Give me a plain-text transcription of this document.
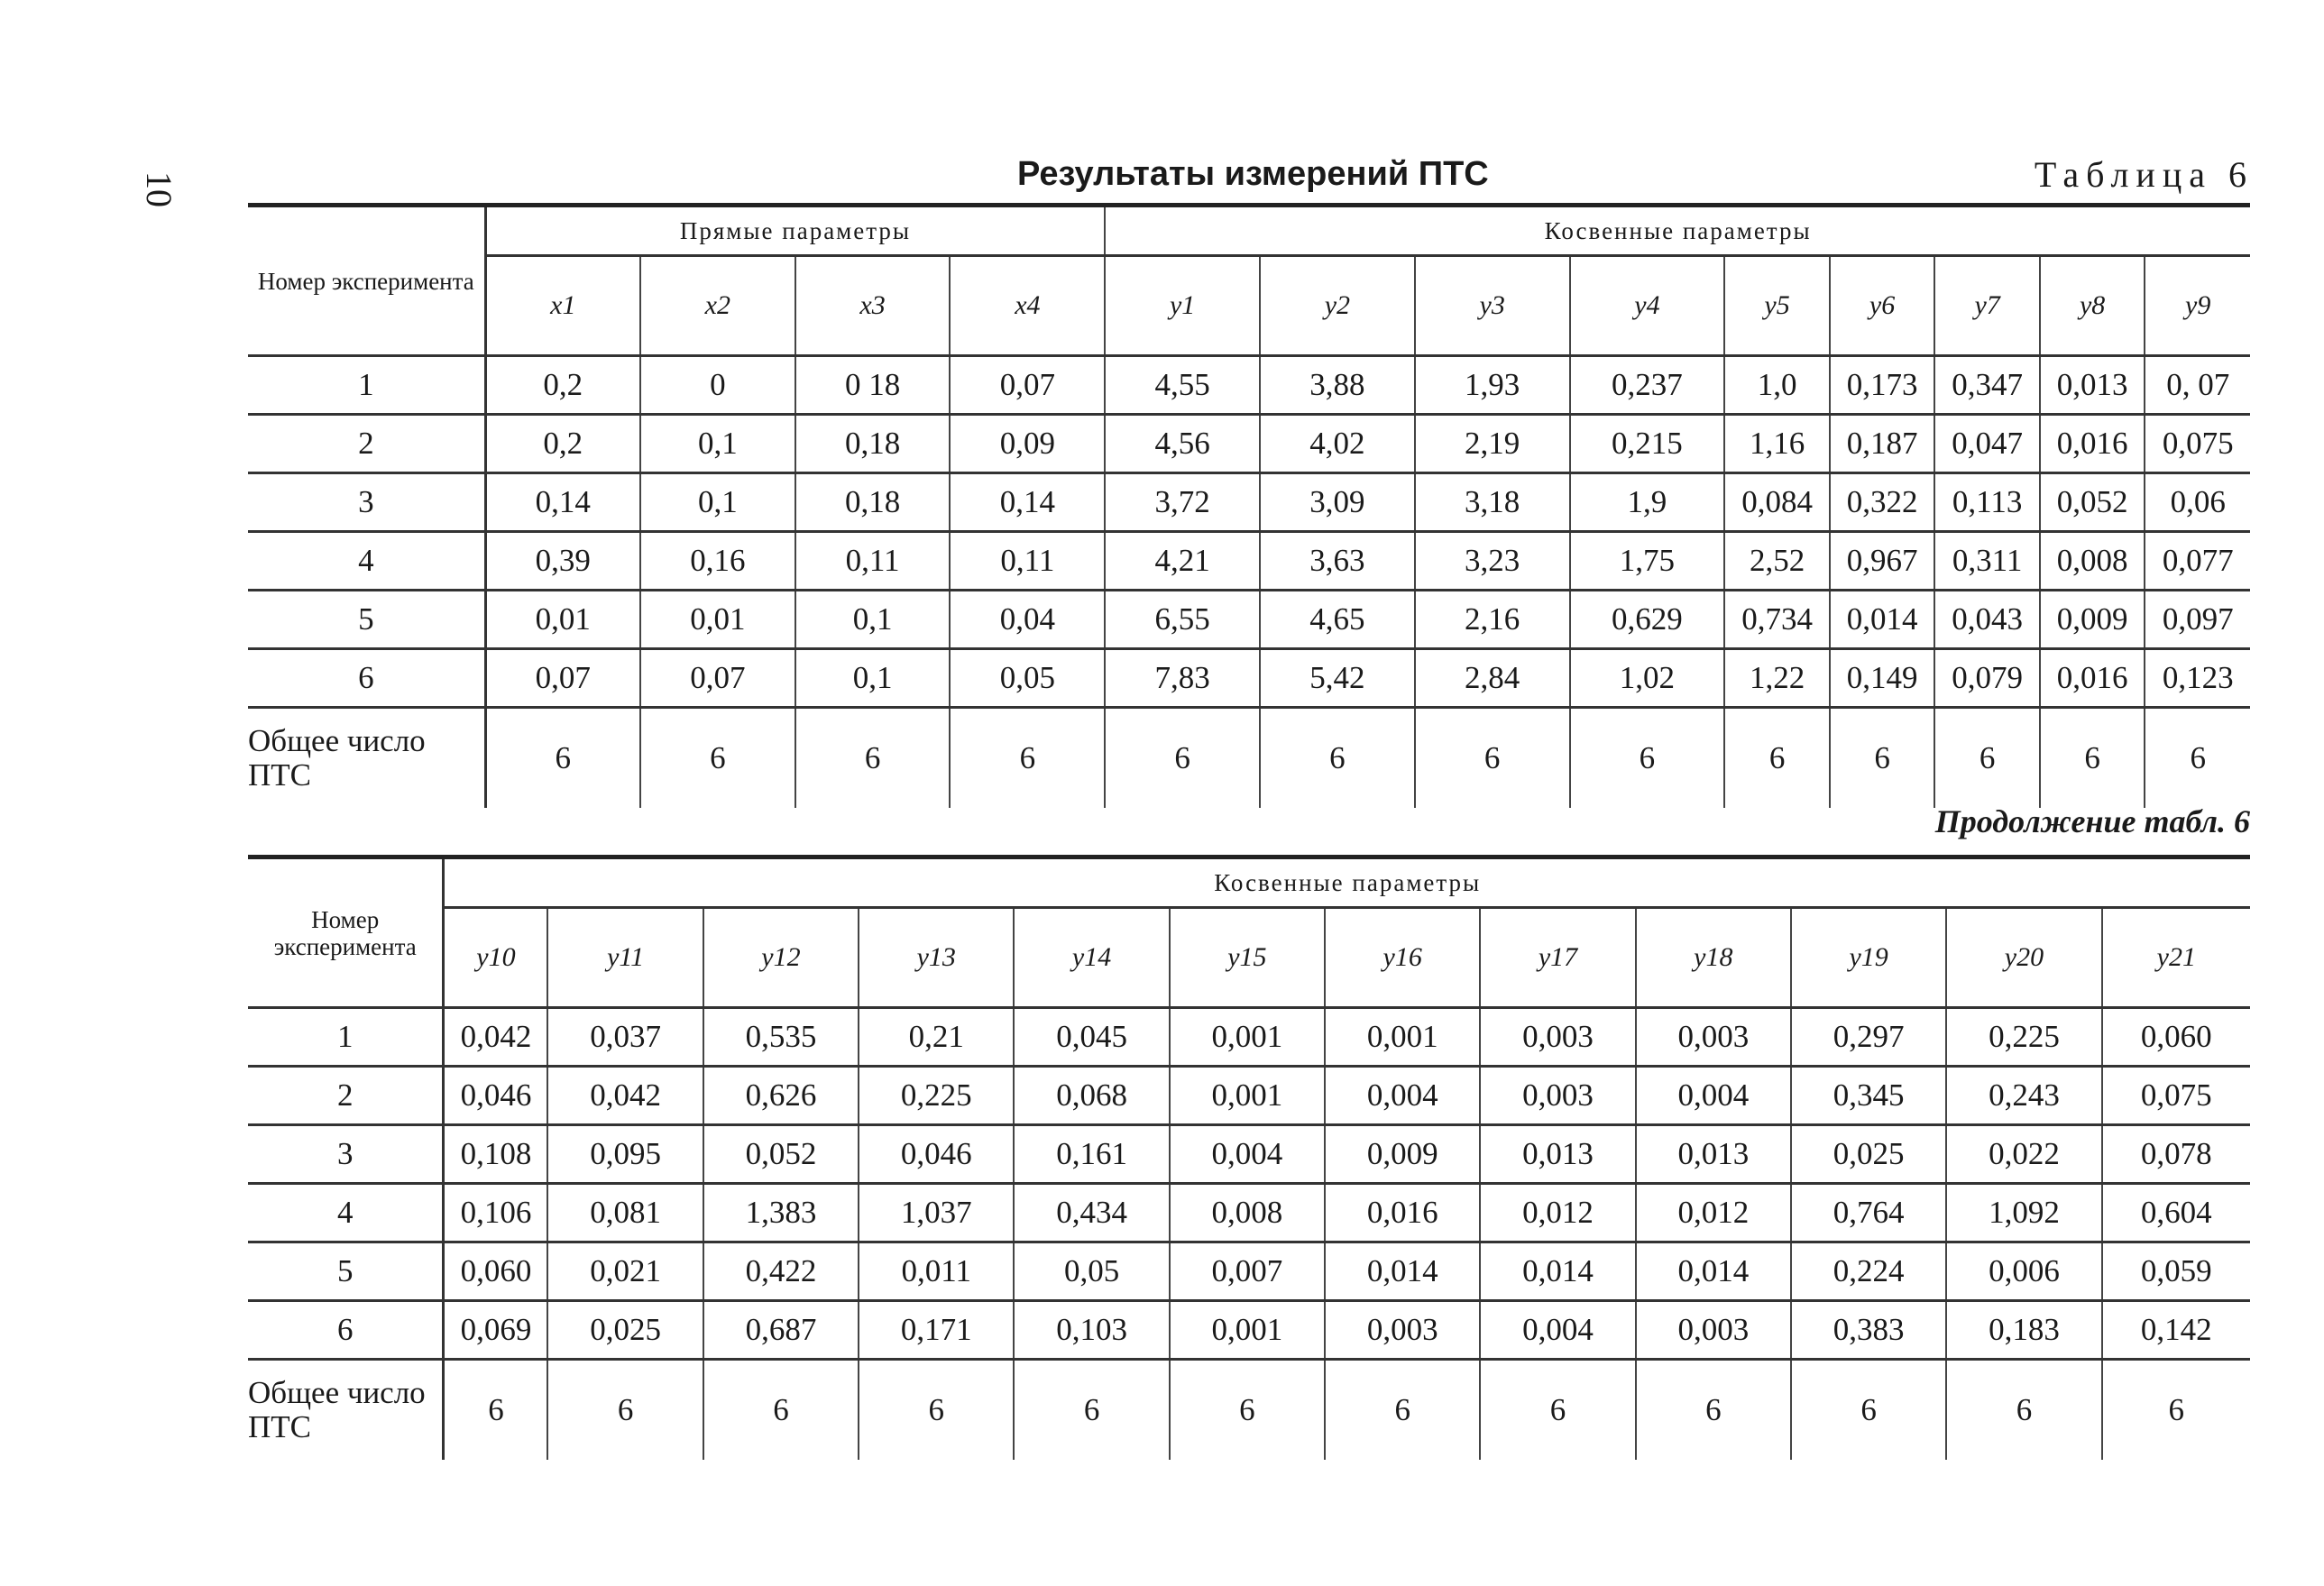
10	Результаты измерений ПТС	Таблица 6
Номер эксперимента	Прямые параметры				Косвенные параметры								
	x1	x2	x3	x4	y1	y2	y3	y4	y5	y6	y7	y8	y9
1	0,2	0	0 18	0,07	4,55	3,88	1,93	0,237	1,0	0,173	0,347	0,013	0, 07
2	0,2	0,1	0,18	0,09	4,56	4,02	2,19	0,215	1,16	0,187	0,047	0,016	0,075
3	0,14	0,1	0,18	0,14	3,72	3,09	3,18	1,9	0,084	0,322	0,113	0,052	0,06
4	0,39	0,16	0,11	0,11	4,21	3,63	3,23	1,75	2,52	0,967	0,311	0,008	0,077
5	0,01	0,01	0,1	0,04	6,55	4,65	2,16	0,629	0,734	0,014	0,043	0,009	0,097
6	0,07	0,07	0,1	0,05	7,83	5,42	2,84	1,02	1,22	0,149	0,079	0,016	0,123
Общее число ПТС	6	6	6	6	6	6	6	6	6	6	6	6	6
Продолжение табл. 6
Номер эксперимента	Косвенные параметры											
	y10	y11	y12	y13	y14	y15	y16	y17	y18	y19	y20	y21
1	0,042	0,037	0,535	0,21	0,045	0,001	0,001	0,003	0,003	0,297	0,225	0,060
2	0,046	0,042	0,626	0,225	0,068	0,001	0,004	0,003	0,004	0,345	0,243	0,075
3	0,108	0,095	0,052	0,046	0,161	0,004	0,009	0,013	0,013	0,025	0,022	0,078
4	0,106	0,081	1,383	1,037	0,434	0,008	0,016	0,012	0,012	0,764	1,092	0,604
5	0,060	0,021	0,422	0,011	0,05	0,007	0,014	0,014	0,014	0,224	0,006	0,059
6	0,069	0,025	0,687	0,171	0,103	0,001	0,003	0,004	0,003	0,383	0,183	0,142
Общее число ПТС	6	6	6	6	6	6	6	6	6	6	6	6
